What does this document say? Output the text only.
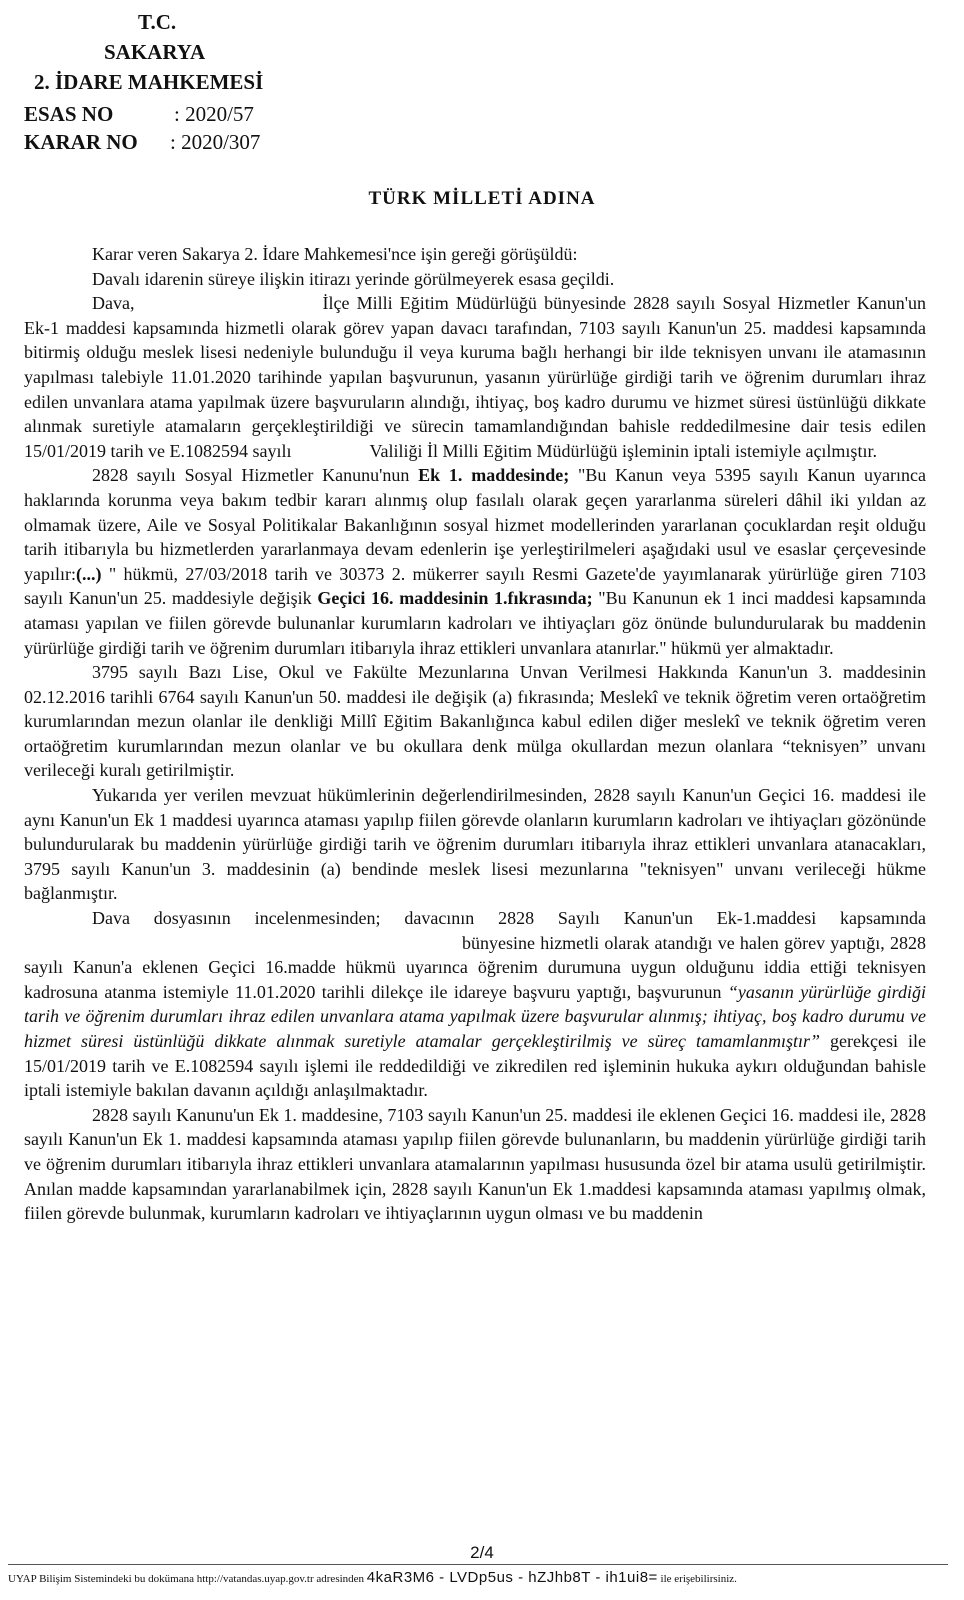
T.C.
SAKARYA
2. İDARE MAHKEMESİ
ESAS NO	: 2020/57
KARAR NO : 2020/307
TÜRK MİLLETİ ADINA

Karar veren Sakarya 2. İdare Mahkemesi'nce işin gereği görüşüldü:

Davalı idarenin süreye ilişkin itirazı yerinde görülmeyerek esasa geçildi.

Dava,	İlçe Milli Eğitim Müdürlüğü bünyesinde 2828 sayılı Sosyal Hizmetler Kanun'un Ek-1 maddesi kapsamında hizmetli olarak görev yapan davacı tarafından, 7103 sayılı Kanun'un 25. maddesi kapsamında bitirmiş olduğu meslek lisesi nedeniyle bulunduğu il veya kuruma bağlı herhangi bir ilde teknisyen unvanı ile atamasının yapılması talebiyle 11.01.2020 tarihinde yapılan başvurunun, yasanın yürürlüğe girdiği tarih ve öğrenim durumları ihraz edilen unvanlara atama yapılmak üzere başvuruların alındığı, ihtiyaç, boş kadro durumu ve hizmet süresi üstünlüğü dikkate alınmak suretiyle atamaların gerçekleştirildiği ve sürecin tamamlandığından bahisle reddedilmesine dair tesis edilen 15/01/2019 tarih ve E.1082594 sayılı	Valiliği İl Milli Eğitim Müdürlüğü işleminin iptali istemiyle açılmıştır.

2828 sayılı Sosyal Hizmetler Kanunu'nun Ek 1. maddesinde; "Bu Kanun veya 5395 sayılı Kanun uyarınca haklarında korunma veya bakım tedbir kararı alınmış olup fasılalı olarak geçen yararlanma süreleri dâhil iki yıldan az olmamak üzere, Aile ve Sosyal Politikalar Bakanlığının sosyal hizmet modellerinden yararlanan çocuklardan reşit olduğu tarih itibarıyla bu hizmetlerden yararlanmaya devam edenlerin işe yerleştirilmeleri aşağıdaki usul ve esaslar çerçevesinde yapılır:(...) " hükmü, 27/03/2018 tarih ve 30373 2. mükerrer sayılı Resmi Gazete'de yayımlanarak yürürlüğe giren 7103 sayılı Kanun'un 25. maddesiyle değişik Geçici 16. maddesinin 1.fıkrasında; "Bu Kanunun ek 1 inci maddesi kapsamında ataması yapılan ve fiilen görevde bulunanlar kurumların kadroları ve ihtiyaçları göz önünde bulundurularak bu maddenin yürürlüğe girdiği tarih ve öğrenim durumları itibarıyla ihraz ettikleri unvanlara atanırlar." hükmü yer almaktadır.

3795 sayılı Bazı Lise, Okul ve Fakülte Mezunlarına Unvan Verilmesi Hakkında Kanun'un 3. maddesinin 02.12.2016 tarihli 6764 sayılı Kanun'un 50. maddesi ile değişik (a) fıkrasında; Meslekî ve teknik öğretim veren ortaöğretim kurumlarından mezun olanlar ile denkliği Millî Eğitim Bakanlığınca kabul edilen diğer meslekî ve teknik öğretim veren ortaöğretim kurumlarından mezun olanlar ve bu okullara denk mülga okullardan mezun olanlara “teknisyen” unvanı verileceği kuralı getirilmiştir.

Yukarıda yer verilen mevzuat hükümlerinin değerlendirilmesinden, 2828 sayılı Kanun'un Geçici 16. maddesi ile aynı Kanun'un Ek 1 maddesi uyarınca ataması yapılıp fiilen görevde olanların kurumların kadroları ve ihtiyaçları gözönünde bulundurularak bu maddenin yürürlüğe girdiği tarih ve öğrenim durumları itibarıyla ihraz ettikleri unvanlara atanacakları, 3795 sayılı Kanun'un 3. maddesinin (a) bendinde meslek lisesi mezunlarına "teknisyen" unvanı verileceği hükme bağlanmıştır.

Dava dosyasının incelenmesinden; davacının 2828 Sayılı Kanun'un Ek-1.maddesi kapsamındabünyesine hizmetli olarak atandığı ve halen görev yaptığı, 2828 sayılı Kanun'a eklenen Geçici 16.madde hükmü uyarınca öğrenim durumuna uygun olduğunu iddia ettiği teknisyen kadrosuna atanma istemiyle 11.01.2020 tarihli dilekçe ile idareye başvuru yaptığı, başvurunun “yasanın yürürlüğe girdiği tarih ve öğrenim durumları ihraz edilen unvanlara atama yapılmak üzere başvurular alınmış; ihtiyaç, boş kadro durumu ve hizmet süresi üstünlüğü dikkate alınmak suretiyle atamalar gerçekleştirilmiş ve süreç tamamlanmıştır” gerekçesi ile 15/01/2019 tarih ve E.1082594 sayılı işlemi ile reddedildiği ve zikredilen red işleminin hukuka aykırı olduğundan bahisle iptali istemiyle bakılan davanın açıldığı anlaşılmaktadır.

2828 sayılı Kanunu'un Ek 1. maddesine, 7103 sayılı Kanun'un 25. maddesi ile eklenen Geçici 16. maddesi ile, 2828 sayılı Kanun'un Ek 1. maddesi kapsamında ataması yapılıp fiilen görevde bulunanların, bu maddenin yürürlüğe girdiği tarih ve öğrenim durumları itibarıyla ihraz ettikleri unvanlara atamalarının yapılması hususunda özel bir atama usulü getirilmiştir. Anılan madde kapsamından yararlanabilmek için, 2828 sayılı Kanun'un Ek 1.maddesi kapsamında ataması yapılmış olmak, fiilen görevde bulunmak, kurumların kadroları ve ihtiyaçlarının uygun olması ve bu maddenin

2/4
UYAP Bilişim Sistemindeki bu dokümana http://vatandas.uyap.gov.tr adresinden 4kaR3M6 - LVDp5us - hZJhb8T - ih1ui8= ile erişebilirsiniz.
